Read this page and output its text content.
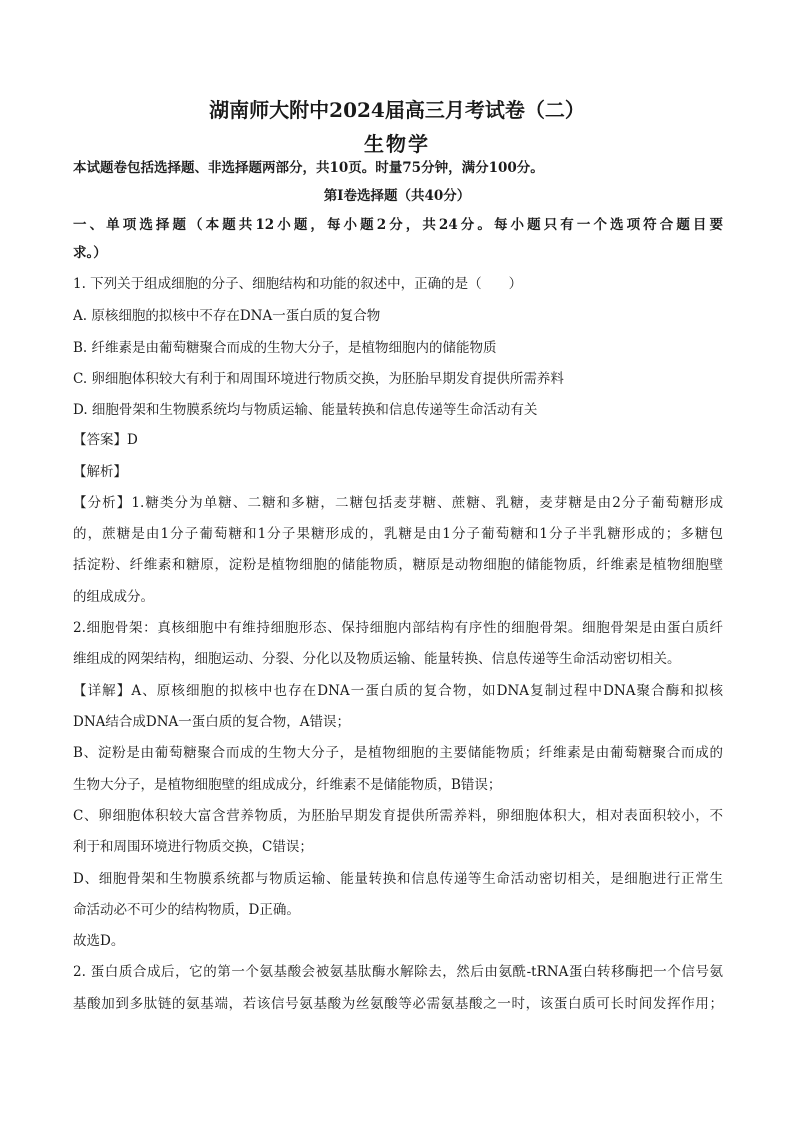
湖南师大附中2024届高三月考试卷（二）
生物学
本试题卷包括选择题、非选择题两部分，共10页。时量75分钟，满分100分。
第Ⅰ卷选择题（共40分）
一、单项选择题（本题共12小题，每小题2分，共24分。每小题只有一个选项符合题目要
求。）
1. 下列关于组成细胞的分子、细胞结构和功能的叙述中，正确的是（　　）
A. 原核细胞的拟核中不存在DNA一蛋白质的复合物
B. 纤维素是由葡萄糖聚合而成的生物大分子，是植物细胞内的储能物质
C. 卵细胞体积较大有利于和周围环境进行物质交换，为胚胎早期发育提供所需养料
D. 细胞骨架和生物膜系统均与物质运输、能量转换和信息传递等生命活动有关
【答案】D
【解析】
【分析】1.糖类分为单糖、二糖和多糖，二糖包括麦芽糖、蔗糖、乳糖，麦芽糖是由2分子葡萄糖形成
的，蔗糖是由1分子葡萄糖和1分子果糖形成的，乳糖是由1分子葡萄糖和1分子半乳糖形成的；多糖包
括淀粉、纤维素和糖原，淀粉是植物细胞的储能物质，糖原是动物细胞的储能物质，纤维素是植物细胞壁
的组成成分。
2.细胞骨架：真核细胞中有维持细胞形态、保持细胞内部结构有序性的细胞骨架。细胞骨架是由蛋白质纤
维组成的网架结构，细胞运动、分裂、分化以及物质运输、能量转换、信息传递等生命活动密切相关。
【详解】A、原核细胞的拟核中也存在DNA一蛋白质的复合物，如DNA复制过程中DNA聚合酶和拟核
DNA结合成DNA一蛋白质的复合物，A错误；
B、淀粉是由葡萄糖聚合而成的生物大分子，是植物细胞的主要储能物质；纤维素是由葡萄糖聚合而成的
生物大分子，是植物细胞壁的组成成分，纤维素不是储能物质，B错误；
C、卵细胞体积较大富含营养物质，为胚胎早期发育提供所需养料，卵细胞体积大，相对表面积较小，不
利于和周围环境进行物质交换，C错误；
D、细胞骨架和生物膜系统都与物质运输、能量转换和信息传递等生命活动密切相关，是细胞进行正常生
命活动必不可少的结构物质，D正确。
故选D。
2. 蛋白质合成后，它的第一个氨基酸会被氨基肽酶水解除去，然后由氨酰-tRNA蛋白转移酶把一个信号氨
基酸加到多肽链的氨基端，若该信号氨基酸为丝氨酸等必需氨基酸之一时，该蛋白质可长时间发挥作用；
